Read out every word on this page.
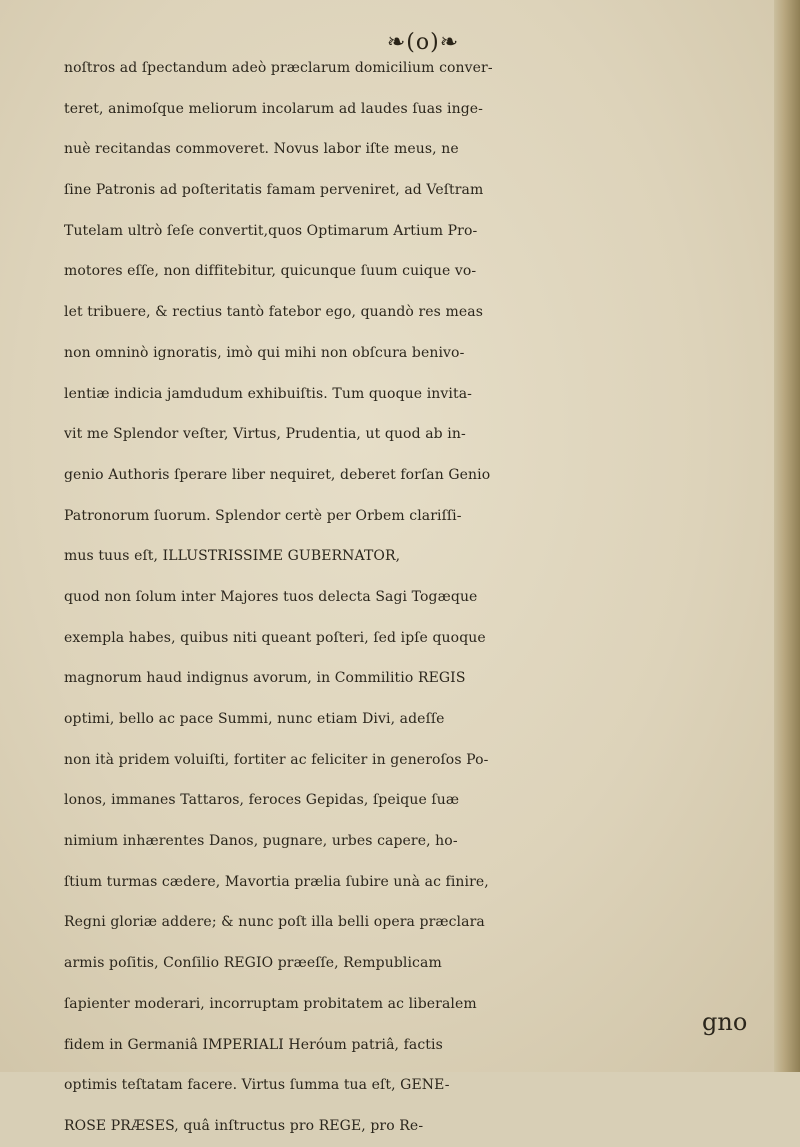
❧(o)❧
noſtros ad ſpectandum adeò præclarum domicilium conver-
teret, animoſque meliorum incolarum ad laudes ſuas inge-
nuè recitandas commoveret. Novus labor iſte meus, ne
ſine Patronis ad poſteritatis famam perveniret, ad Veſtram
Tutelam ultrò ſeſe convertit,quos Optimarum Artium Pro-
motores eſſe, non diffitebitur, quicunque ſuum cuique vo-
let tribuere, & rectius tantò fatebor ego, quandò res meas
non omninò ignoratis, imò qui mihi non obſcura benivo-
lentiæ indicia jamdudum exhibuiſtis. Tum quoque invita-
vit me Splendor veſter, Virtus, Prudentia, ut quod ab in-
genio Authoris ſperare liber nequiret, deberet forſan Genio
Patronorum ſuorum. Splendor certè per Orbem clariſſi-
mus tuus eſt, ILLUSTRISSIME GUBERNATOR,
quod non ſolum inter Majores tuos delecta Sagi Togæque
exempla habes, quibus niti queant poſteri, ſed ipſe quoque
magnorum haud indignus avorum, in Commilitio REGIS
optimi, bello ac pace Summi, nunc etiam Divi, adeſſe
non ità pridem voluiſti, fortiter ac feliciter in generoſos Po-
lonos, immanes Tattaros, feroces Gepidas, ſpeique ſuæ
nimium inhærentes Danos, pugnare, urbes capere, ho-
ſtium turmas cædere, Mavortia prælia ſubire unà ac finire,
Regni gloriæ addere; & nunc poſt illa belli opera præclara
armis poſitis, Conſilio REGIO præeſſe, Rempublicam
ſapienter moderari, incorruptam probitatem ac liberalem
fidem in Germaniâ IMPERIALI Heróum patriâ, factis
optimis teſtatam facere. Virtus ſumma tua eſt, GENE-
ROSE PRÆSES, quâ inſtructus pro REGE, pro Re-
gno
